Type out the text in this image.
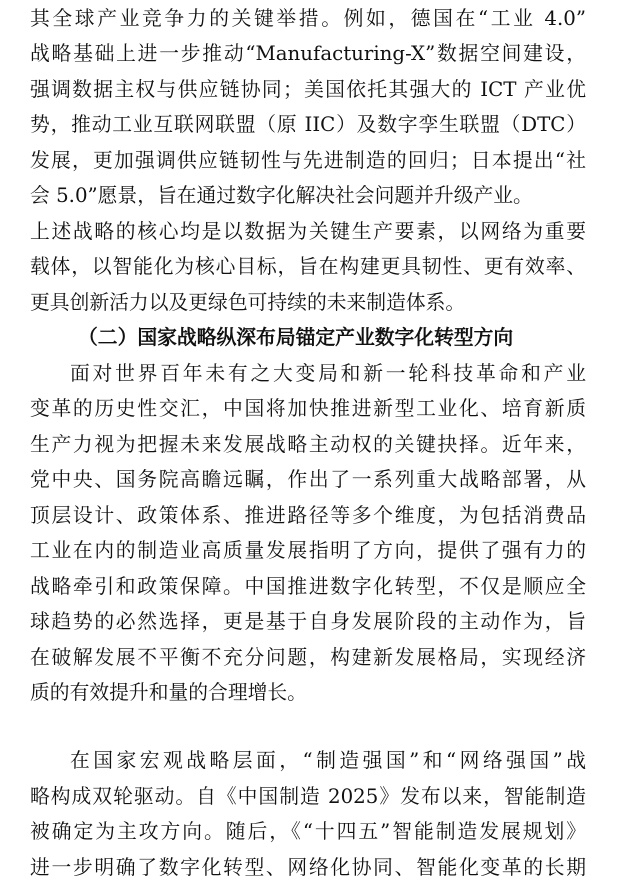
其全球产业竞争力的关键举措。例如，德国在“工业 4.0”
战略基础上进一步推动“Manufacturing-X”数据空间建设，
强调数据主权与供应链协同；美国依托其强大的 ICT 产业优
势，推动工业互联网联盟（原 IIC）及数字孪生联盟（DTC）
发展，更加强调供应链韧性与先进制造的回归；日本提出“社
会 5.0”愿景，旨在通过数字化解决社会问题并升级产业。
上述战略的核心均是以数据为关键生产要素，以网络为重要
载体，以智能化为核心目标，旨在构建更具韧性、更有效率、
更具创新活力以及更绿色可持续的未来制造体系。
（二）国家战略纵深布局锚定产业数字化转型方向
面对世界百年未有之大变局和新一轮科技革命和产业
变革的历史性交汇，中国将加快推进新型工业化、培育新质
生产力视为把握未来发展战略主动权的关键抉择。近年来，
党中央、国务院高瞻远瞩，作出了一系列重大战略部署，从
顶层设计、政策体系、推进路径等多个维度，为包括消费品
工业在内的制造业高质量发展指明了方向，提供了强有力的
战略牵引和政策保障。中国推进数字化转型，不仅是顺应全
球趋势的必然选择，更是基于自身发展阶段的主动作为，旨
在破解发展不平衡不充分问题，构建新发展格局，实现经济
质的有效提升和量的合理增长。
在国家宏观战略层面，“制造强国”和“网络强国”战
略构成双轮驱动。自《中国制造 2025》发布以来，智能制造
被确定为主攻方向。随后，《“十四五”智能制造发展规划》
进一步明确了数字化转型、网络化协同、智能化变革的长期
